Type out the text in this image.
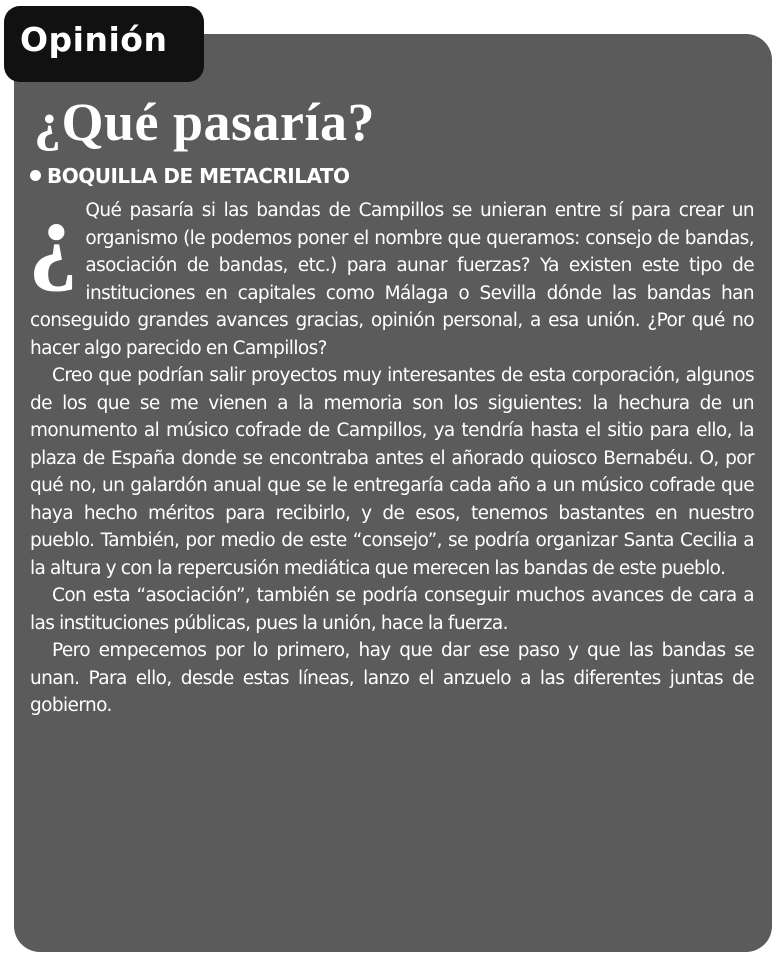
Opinión
¿Qué pasaría?
BOQUILLA DE METACRILATO

¿ Qué pasaría si las bandas de Campillos se unieran entre sí para crear un organismo (le podemos poner el nombre que queramos: consejo de bandas, asociación de bandas, etc.) para aunar fuerzas? Ya existen este tipo de instituciones en capitales como Málaga o Sevilla dónde las bandas han conseguido grandes avances gracias, opinión personal, a esa unión. ¿Por qué no hacer algo parecido en Campillos?

Creo que podrían salir proyectos muy interesantes de esta corporación, algunos de los que se me vienen a la memoria son los siguientes: la hechura de un monumento al músico cofrade de Campillos, ya tendría hasta el sitio para ello, la plaza de España donde se encontraba antes el añorado quiosco Bernabéu. O, por qué no, un galardón anual que se le entregaría cada año a un músico cofrade que haya hecho méritos para recibirlo, y de esos, tenemos bastantes en nuestro pueblo. También, por medio de este “consejo”, se podría organizar Santa Cecilia a la altura y con la repercusión mediática que merecen las bandas de este pueblo.

Con esta “asociación”, también se podría conseguir muchos avances de cara a las instituciones públicas, pues la unión, hace la fuerza.

Pero empecemos por lo primero, hay que dar ese paso y que las bandas se unan. Para ello, desde estas líneas, lanzo el anzuelo a las diferentes juntas de gobierno.
